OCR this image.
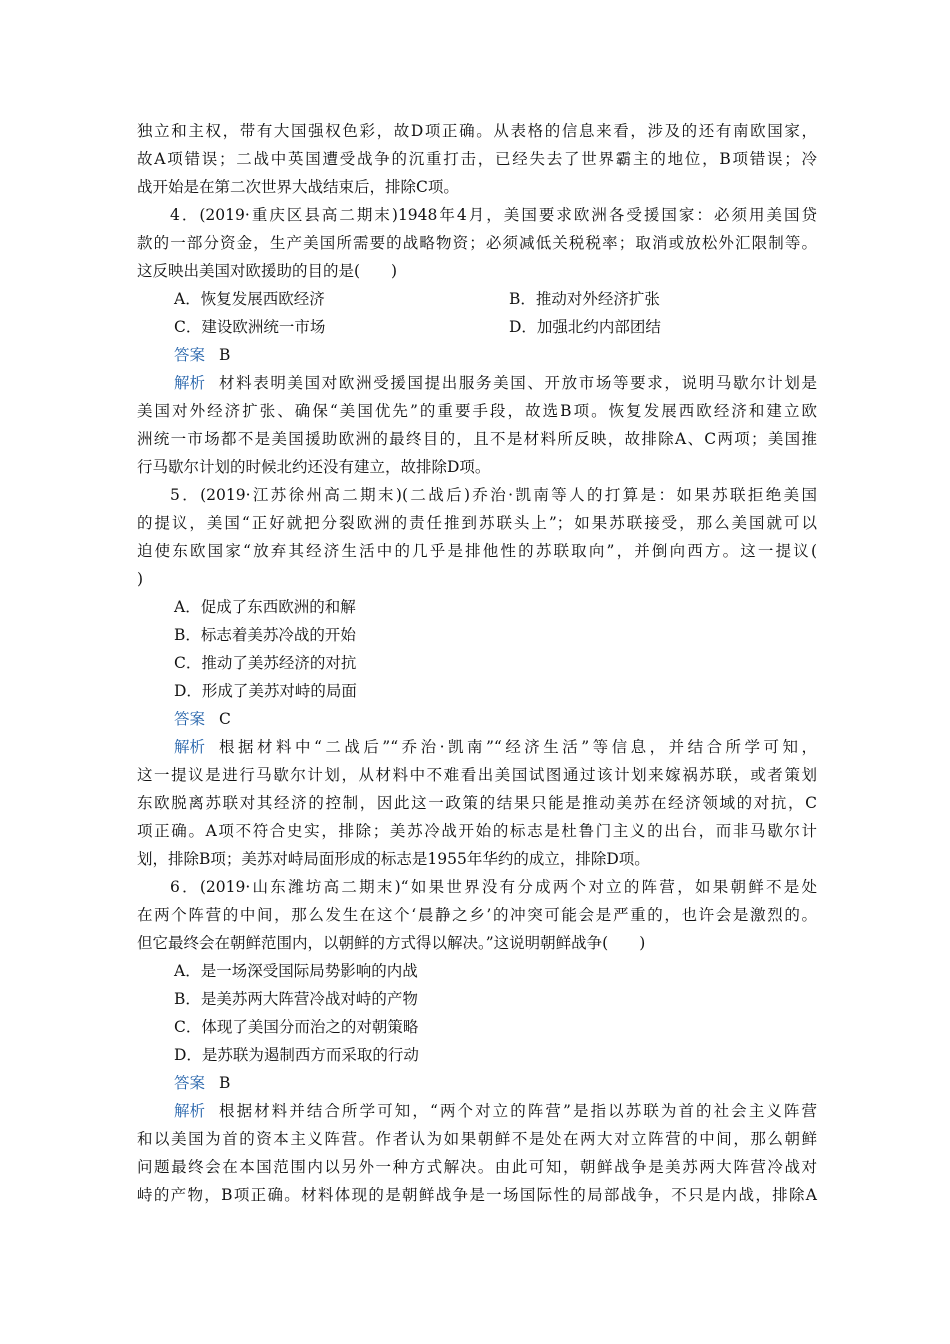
独立和主权，带有大国强权色彩，故D项正确。从表格的信息来看，涉及的还有南欧国家，
故A项错误；二战中英国遭受战争的沉重打击，已经失去了世界霸主的地位，B项错误；冷
战开始是在第二次世界大战结束后，排除C项。
4．(2019·重庆区县高二期末)1948年4月，美国要求欧洲各受援国家：必须用美国贷
款的一部分资金，生产美国所需要的战略物资；必须减低关税税率；取消或放松外汇限制等。
这反映出美国对欧援助的目的是(　　)
A．恢复发展西欧经济	B．推动对外经济扩张
C．建设欧洲统一市场	D．加强北约内部团结
答案 B
解析 材料表明美国对欧洲受援国提出服务美国、开放市场等要求，说明马歇尔计划是
美国对外经济扩张、确保“美国优先”的重要手段，故选B项。恢复发展西欧经济和建立欧
洲统一市场都不是美国援助欧洲的最终目的，且不是材料所反映，故排除A、C两项；美国推
行马歇尔计划的时候北约还没有建立，故排除D项。
5．(2019·江苏徐州高二期末)(二战后)乔治·凯南等人的打算是：如果苏联拒绝美国
的提议，美国“正好就把分裂欧洲的责任推到苏联头上”；如果苏联接受，那么美国就可以
迫使东欧国家“放弃其经济生活中的几乎是排他性的苏联取向”，并倒向西方。这一提议(
)
A．促成了东西欧洲的和解
B．标志着美苏冷战的开始
C．推动了美苏经济的对抗
D．形成了美苏对峙的局面
答案 C
解析 根据材料中“二战后”“乔治·凯南”“经济生活”等信息，并结合所学可知，
这一提议是进行马歇尔计划，从材料中不难看出美国试图通过该计划来嫁祸苏联，或者策划
东欧脱离苏联对其经济的控制，因此这一政策的结果只能是推动美苏在经济领域的对抗，C
项正确。A项不符合史实，排除；美苏冷战开始的标志是杜鲁门主义的出台，而非马歇尔计
划，排除B项；美苏对峙局面形成的标志是1955年华约的成立，排除D项。
6．(2019·山东潍坊高二期末)“如果世界没有分成两个对立的阵营，如果朝鲜不是处
在两个阵营的中间，那么发生在这个‘晨静之乡’的冲突可能会是严重的，也许会是激烈的。
但它最终会在朝鲜范围内，以朝鲜的方式得以解决。”这说明朝鲜战争(　　)
A．是一场深受国际局势影响的内战
B．是美苏两大阵营冷战对峙的产物
C．体现了美国分而治之的对朝策略
D．是苏联为遏制西方而采取的行动
答案 B
解析 根据材料并结合所学可知，“两个对立的阵营”是指以苏联为首的社会主义阵营
和以美国为首的资本主义阵营。作者认为如果朝鲜不是处在两大对立阵营的中间，那么朝鲜
问题最终会在本国范围内以另外一种方式解决。由此可知，朝鲜战争是美苏两大阵营冷战对
峙的产物，B项正确。材料体现的是朝鲜战争是一场国际性的局部战争，不只是内战，排除A
